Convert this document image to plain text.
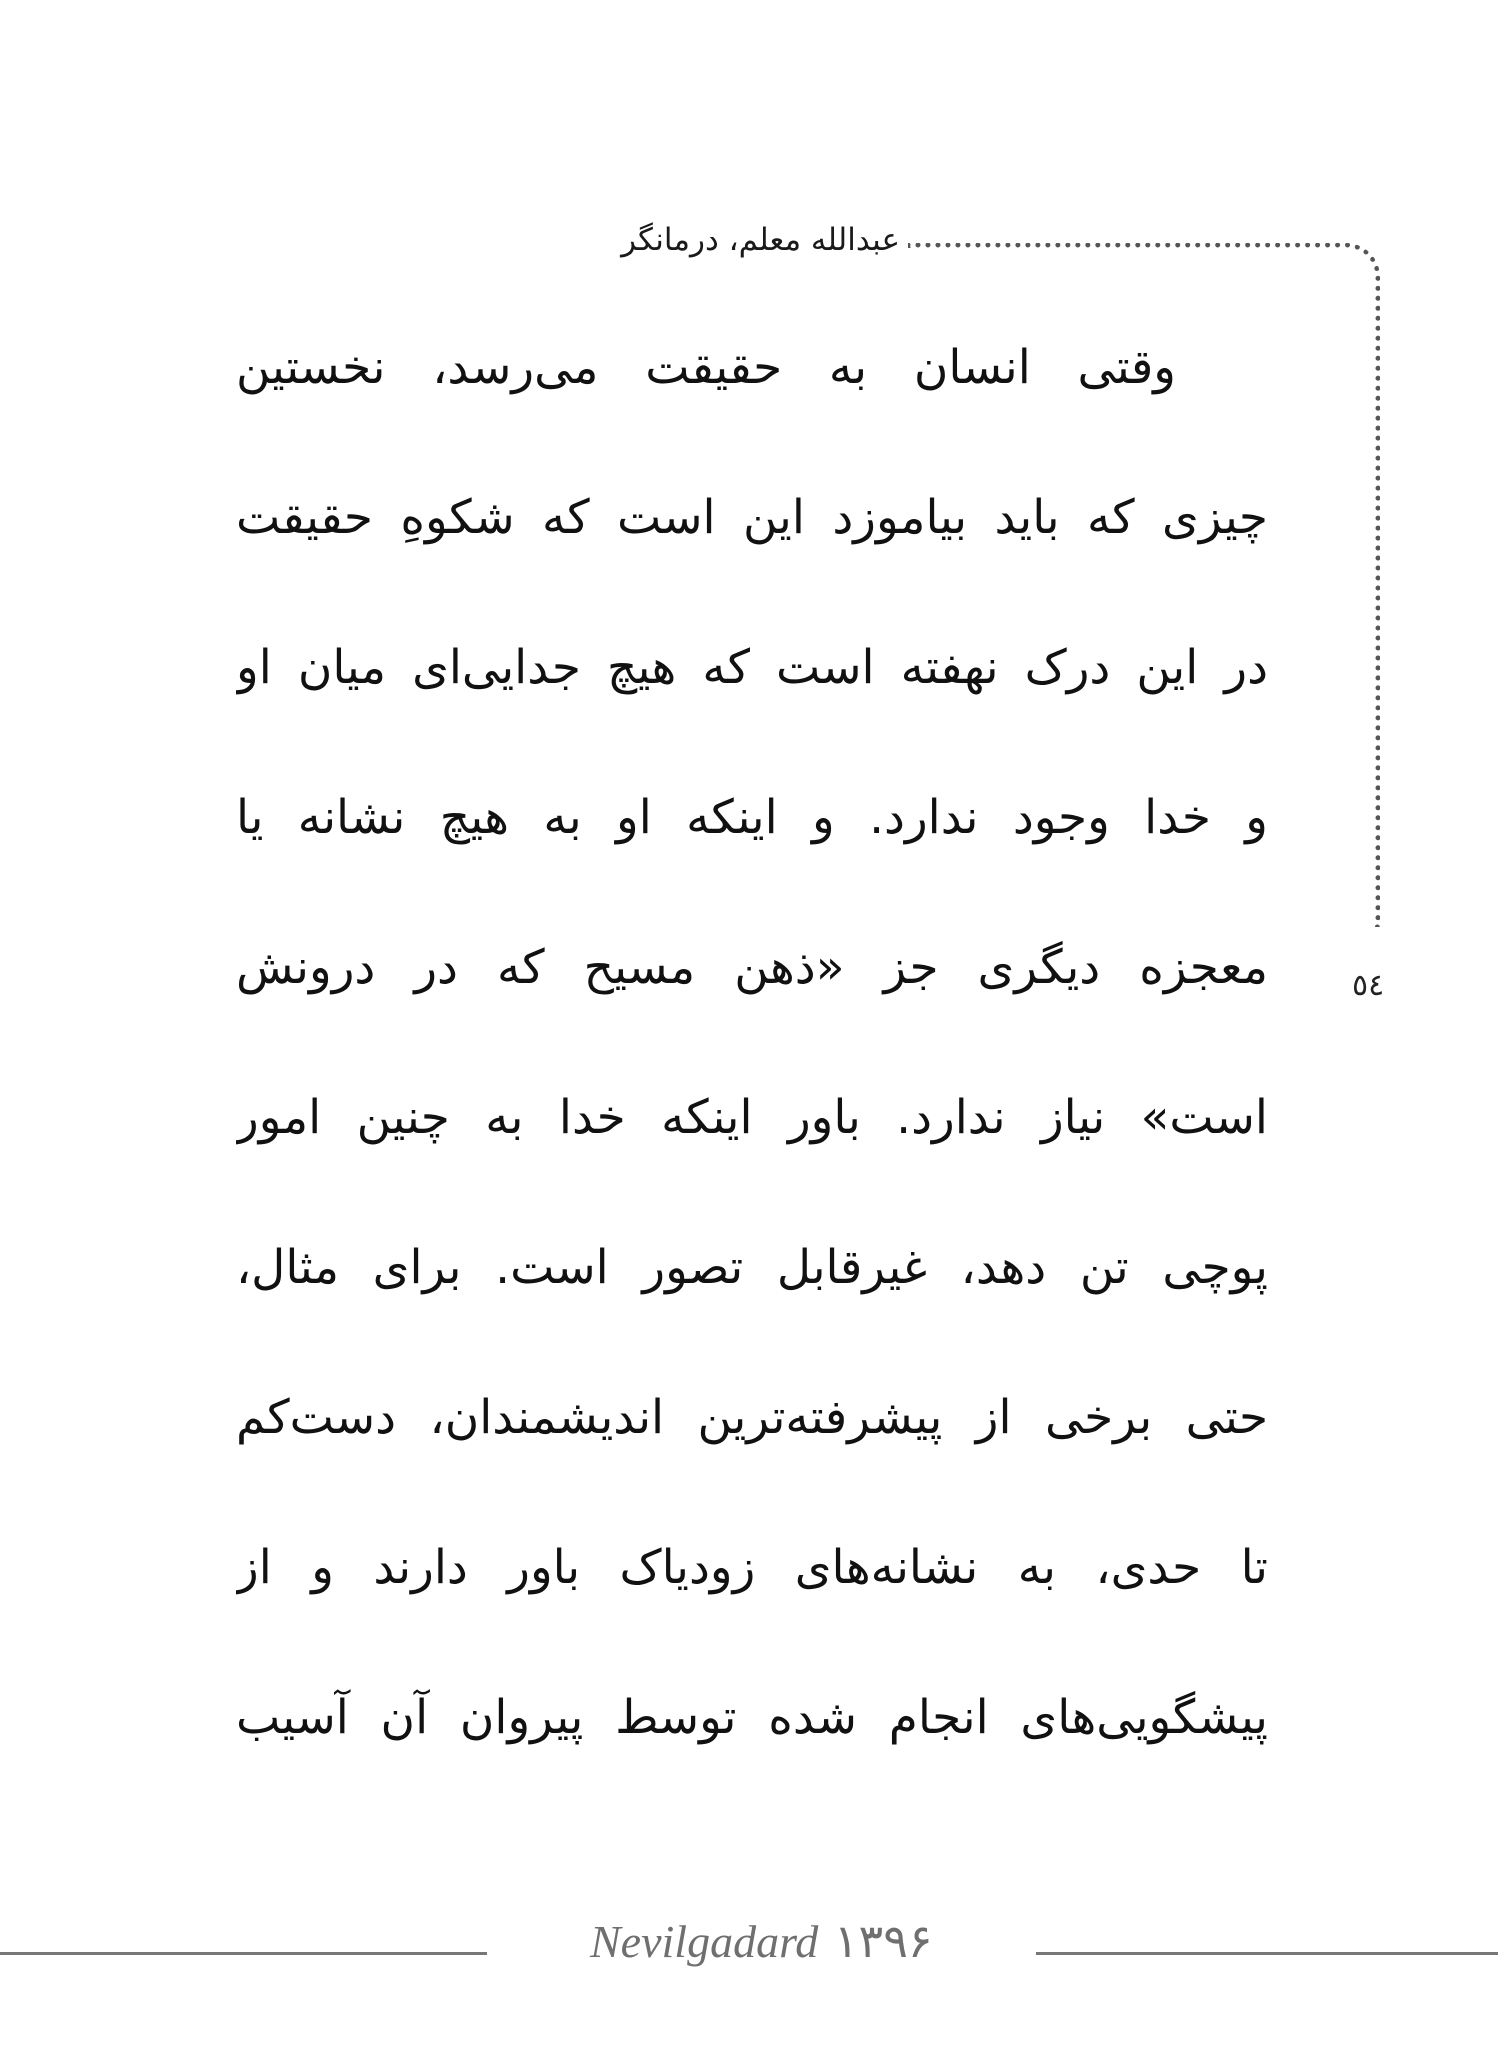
عبدالله معلم، درمانگر
٥٤
وقتی انسان به حقیقت می‌رسد، نخستین
چیزی که باید بیاموزد این است که شکوهِ حقیقت
در این درک نهفته است که هیچ جدایی‌ای میان او
و خدا وجود ندارد. و اینکه او به هیچ نشانه یا
معجزه دیگری جز «ذهن مسیح که در درونش
است» نیاز ندارد. باور اینکه خدا به چنین امور
پوچی تن دهد، غیرقابل تصور است. برای مثال،
حتی برخی از پیشرفته‌ترین اندیشمندان، دست‌کم
تا حدی، به نشانه‌های زودیاک باور دارند و از
پیشگویی‌های انجام شده توسط پیروان آن آسیب
Nevilgadard ۱۳۹۶
